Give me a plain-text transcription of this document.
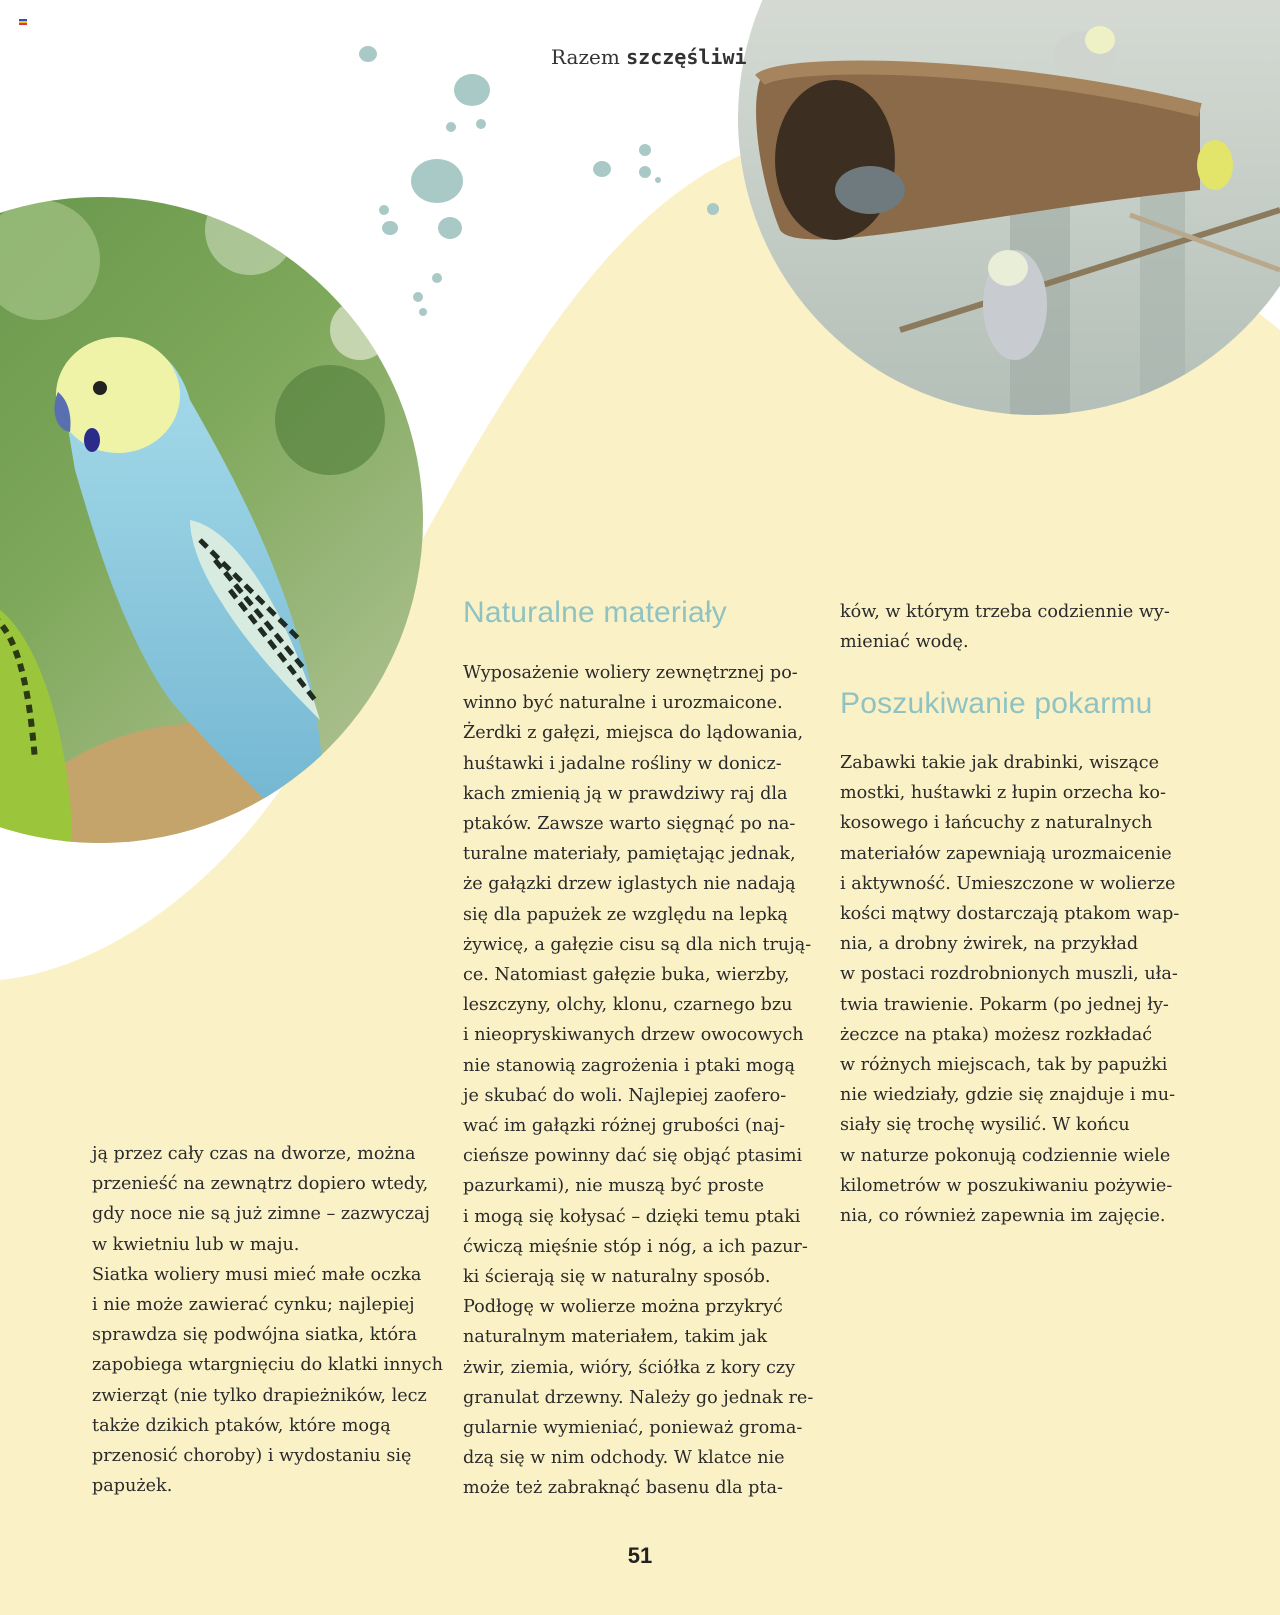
Razem szczęśliwi

ją przez cały czas na dworze, można
przenieść na zewnątrz dopiero wtedy,
gdy noce nie są już zimne – zazwyczaj
w kwietniu lub w maju.

Siatka woliery musi mieć małe oczka
i nie może zawierać cynku; najlepiej
sprawdza się podwójna siatka, która
zapobiega wtargnięciu do klatki innych
zwierząt (nie tylko drapieżników, lecz
także dzikich ptaków, które mogą
przenosić choroby) i wydostaniu się
papużek.

Naturalne materiały

Wyposażenie woliery zewnętrznej po-
winno być naturalne i urozmaicone.
Żerdki z gałęzi, miejsca do lądowania,
huśtawki i jadalne rośliny w donicz-
kach zmienią ją w prawdziwy raj dla
ptaków. Zawsze warto sięgnąć po na-
turalne materiały, pamiętając jednak,
że gałązki drzew iglastych nie nadają
się dla papużek ze względu na lepką
żywicę, a gałęzie cisu są dla nich trują-
ce. Natomiast gałęzie buka, wierzby,
leszczyny, olchy, klonu, czarnego bzu
i nieopryskiwanych drzew owocowych
nie stanowią zagrożenia i ptaki mogą
je skubać do woli. Najlepiej zaofero-
wać im gałązki różnej grubości (naj-
cieńsze powinny dać się objąć ptasimi
pazurkami), nie muszą być proste
i mogą się kołysać – dzięki temu ptaki
ćwiczą mięśnie stóp i nóg, a ich pazur-
ki ścierają się w naturalny sposób.
Podłogę w wolierze można przykryć
naturalnym materiałem, takim jak
żwir, ziemia, wióry, ściółka z kory czy
granulat drzewny. Należy go jednak re-
gularnie wymieniać, ponieważ groma-
dzą się w nim odchody. W klatce nie
może też zabraknąć basenu dla pta-

ków, w którym trzeba codziennie wy-
mieniać wodę.

Poszukiwanie pokarmu

Zabawki takie jak drabinki, wiszące
mostki, huśtawki z łupin orzecha ko-
kosowego i łańcuchy z naturalnych
materiałów zapewniają urozmaicenie
i aktywność. Umieszczone w wolierze
kości mątwy dostarczają ptakom wap-
nia, a drobny żwirek, na przykład
w postaci rozdrobnionych muszli, uła-
twia trawienie. Pokarm (po jednej ły-
żeczce na ptaka) możesz rozkładać
w różnych miejscach, tak by papużki
nie wiedziały, gdzie się znajduje i mu-
siały się trochę wysilić. W końcu
w naturze pokonują codziennie wiele
kilometrów w poszukiwaniu pożywie-
nia, co również zapewnia im zajęcie.

51
